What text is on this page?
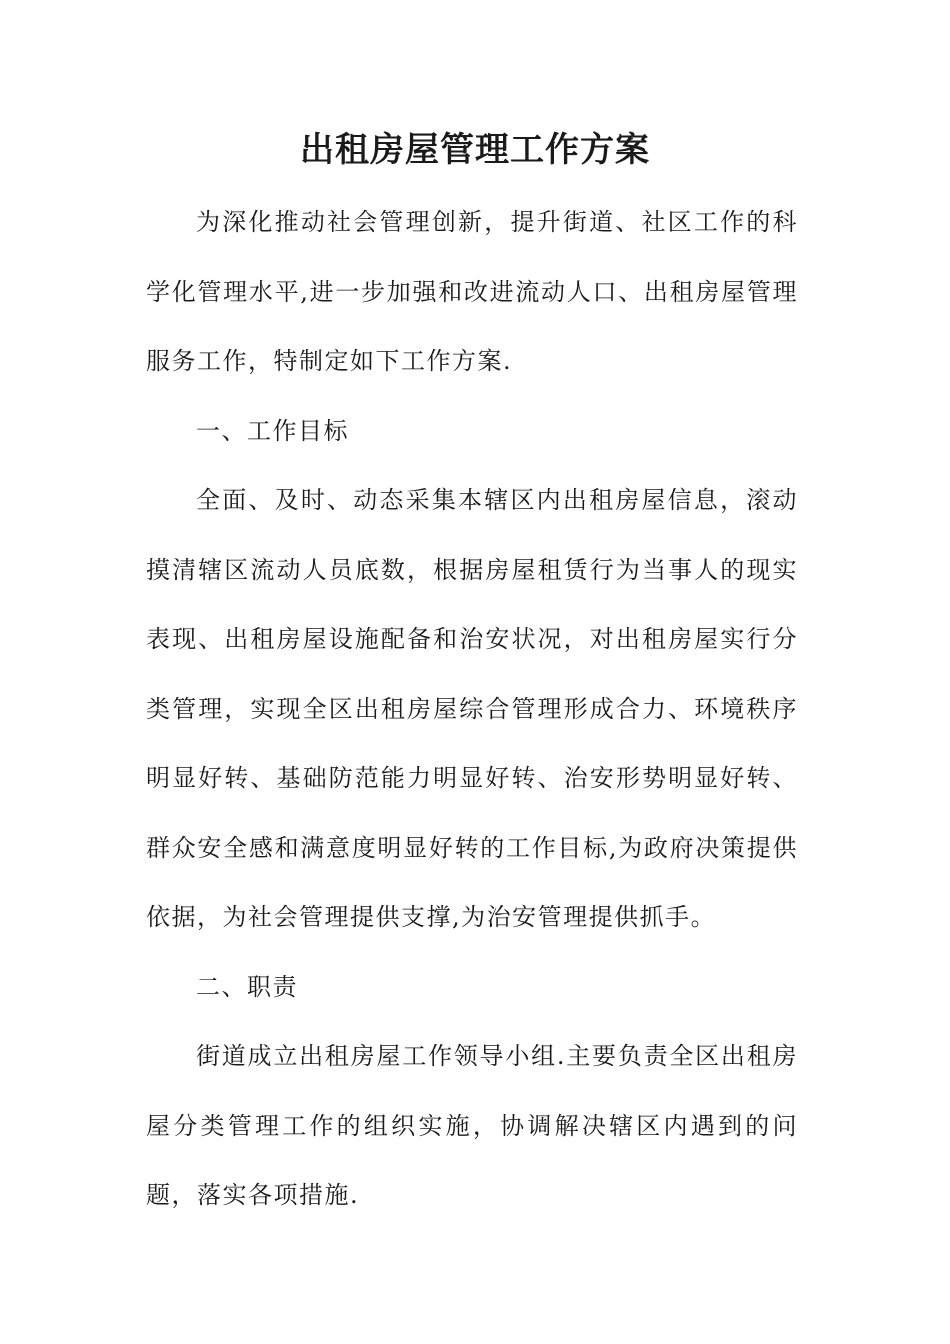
出租房屋管理工作方案

为深化推动社会管理创新，提升街道、社区工作的科学化管理水平,进一步加强和改进流动人口、出租房屋管理服务工作，特制定如下工作方案.

一、工作目标

全面、及时、动态采集本辖区内出租房屋信息，滚动摸清辖区流动人员底数，根据房屋租赁行为当事人的现实表现、出租房屋设施配备和治安状况，对出租房屋实行分类管理，实现全区出租房屋综合管理形成合力、环境秩序明显好转、基础防范能力明显好转、治安形势明显好转、群众安全感和满意度明显好转的工作目标,为政府决策提供依据，为社会管理提供支撑,为治安管理提供抓手。

二、职责

街道成立出租房屋工作领导小组.主要负责全区出租房屋分类管理工作的组织实施，协调解决辖区内遇到的问题，落实各项措施.
